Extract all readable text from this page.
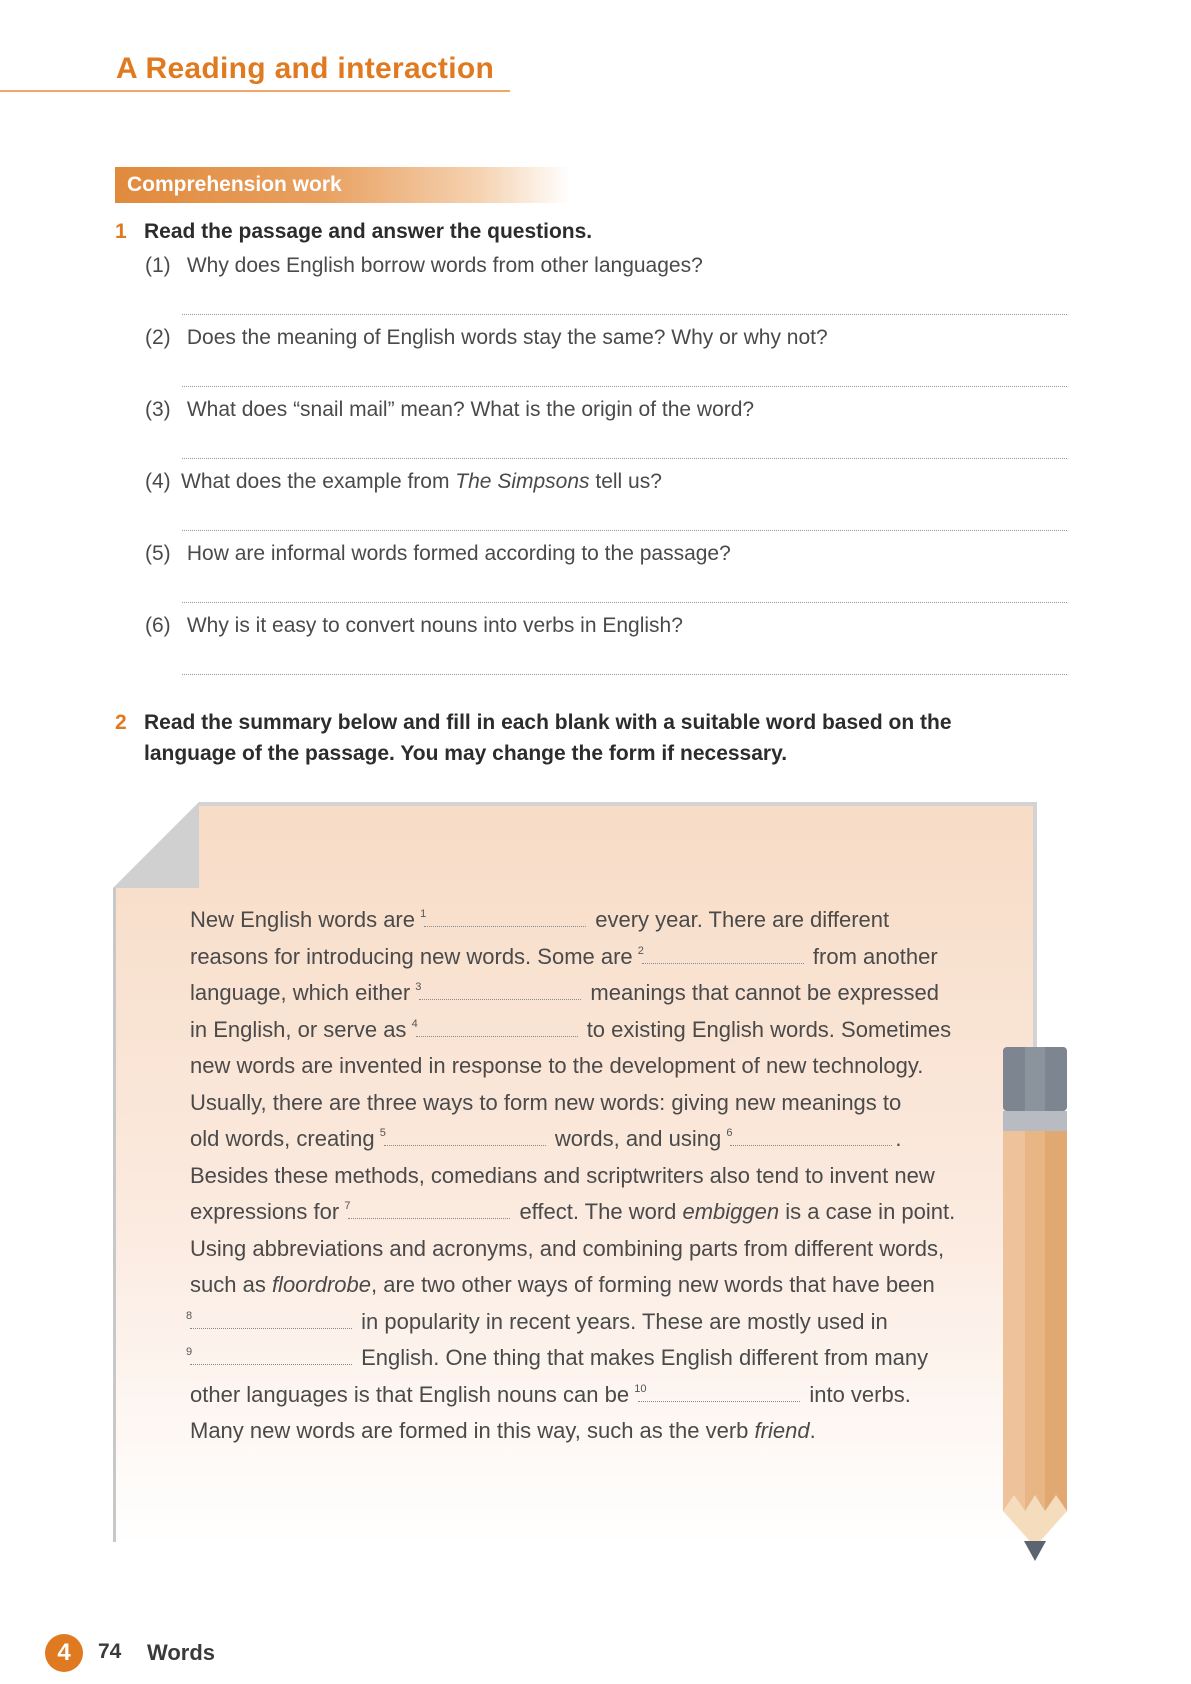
A Reading and interaction
Comprehension work
1 Read the passage and answer the questions.
(1) Why does English borrow words from other languages?
(2) Does the meaning of English words stay the same? Why or why not?
(3) What does “snail mail” mean? What is the origin of the word?
(4) What does the example from The Simpsons tell us?
(5) How are informal words formed according to the passage?
(6) Why is it easy to convert nouns into verbs in English?
2 Read the summary below and fill in each blank with a suitable word based on the
language of the passage. You may change the form if necessary.
New English words are 1	every year. There are different
reasons for introducing new words. Some are 2	from another
language, which either 3	meanings that cannot be expressed
in English, or serve as 4	to existing English words. Sometimes
new words are invented in response to the development of new technology.
Usually, there are three ways to form new words: giving new meanings to
old words, creating 5	words, and using 6	.
Besides these methods, comedians and scriptwriters also tend to invent new
expressions for 7	effect. The word embiggen is a case in point.
Using abbreviations and acronyms, and combining parts from different words,
such as floordrobe, are two other ways of forming new words that have been
8	in popularity in recent years. These are mostly used in
9	English. One thing that makes English different from many
other languages is that English nouns can be 10	into verbs.
Many new words are formed in this way, such as the verb friend.
4	74 Words
